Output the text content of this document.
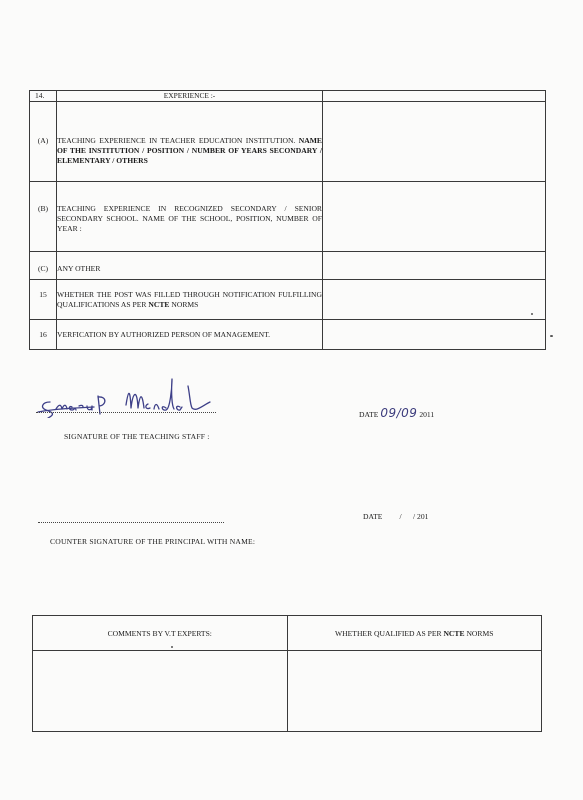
14.	EXPERIENCE :-	
(A)	TEACHING EXPERIENCE IN TEACHER EDUCATION INSTITUTION. NAME OF THE INSTITUTION / POSITION / NUMBER OF YEARS SECONDARY / ELEMENTARY / OTHERS	

(B)	TEACHING EXPERIENCE IN RECOGNIZED SECONDARY / SENIOR SECONDARY SCHOOL. NAME OF THE SCHOOL, POSITION, NUMBER OF YEAR :	

(C)	ANY OTHER	
15	WHETHER THE POST WAS FILLED THROUGH NOTIFICATION FULFILLING QUALIFICATIONS AS PER NCTE NORMS	

16	VERFICATION BY AUTHORIZED PERSON OF MANAGEMENT.	
SIGNATURE OF THE TEACHING STAFF :
DATE 09/09 2011
COUNTER SIGNATURE OF THE PRINCIPAL WITH NAME:
DATE / / 201
COMMENTS BY V.T EXPERTS:	WHETHER QUALIFIED AS PER NCTE NORMS
